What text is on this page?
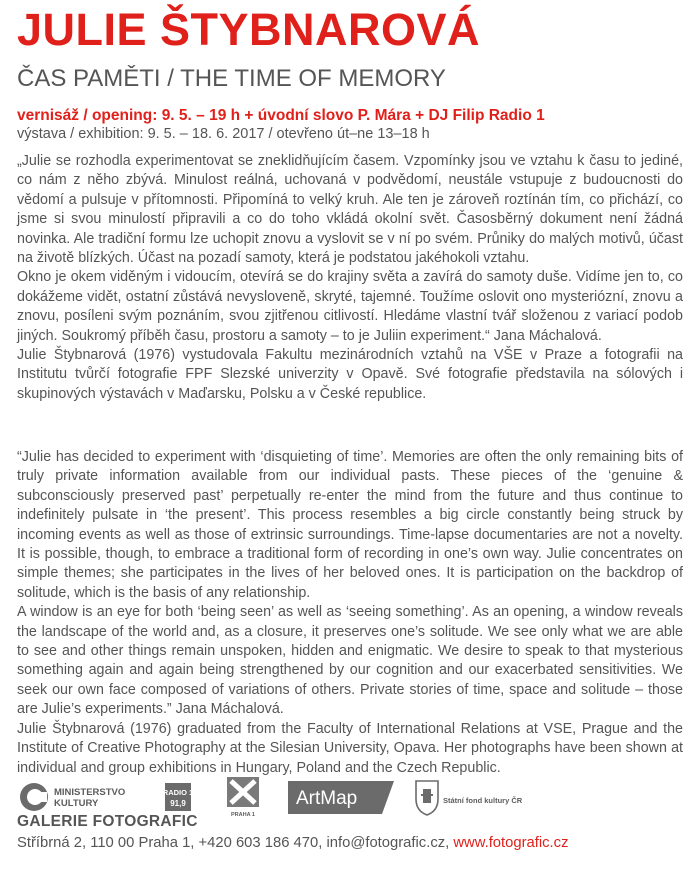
JULIE ŠTYBNAROVÁ
ČAS PAMĚTI / THE TIME OF MEMORY
vernisáž / opening: 9. 5. – 19 h + úvodní slovo P. Mára + DJ Filip Radio 1
výstava / exhibition: 9. 5. – 18. 6. 2017 / otevřeno út–ne 13–18 h

„Julie se rozhodla experimentovat se zneklidňujícím časem. Vzpomínky jsou ve vztahu k času to jediné, co nám z něho zbývá. Minulost reálná, uchovaná v podvědomí, neustále vstupuje z budoucnosti do vědomí a pulsuje v přítomnosti. Připomíná to velký kruh. Ale ten je zároveň roztínán tím, co přichází, co jsme si svou minulostí připravili a co do toho vkládá okolní svět. Časosběrný dokument není žádná novinka. Ale tradiční formu lze uchopit znovu a vyslovit se v ní po svém. Průniky do malých motivů, účast na životě blízkých. Účast na pozadí samoty, která je podstatou jakéhokoli vztahu.

Okno je okem viděným i vidoucím, otevírá se do krajiny světa a zavírá do samoty duše. Vidíme jen to, co dokážeme vidět, ostatní zůstává nevysloveně, skryté, tajemné. Toužíme oslovit ono mysteriózní, znovu a znovu, posíleni svým poznáním, svou zjitřenou citlivostí. Hledáme vlastní tvář složenou z variací podob jiných. Soukromý příběh času, prostoru a samoty – to je Juliin experiment.“ Jana Máchalová.

Julie Štybnarová (1976) vystudovala Fakultu mezinárodních vztahů na VŠE v Praze a fotografii na Institutu tvůrčí fotografie FPF Slezské univerzity v Opavě. Své fotografie představila na sólových i skupinových výstavách v Maďarsku, Polsku a v České republice.

“Julie has decided to experiment with ‘disquieting of time’. Memories are often the only remaining bits of truly private information available from our individual pasts. These pieces of the ‘genuine & subconsciously preserved past’ perpetually re-enter the mind from the future and thus continue to indefinitely pulsate in ‘the present’. This process resembles a big circle constantly being struck by incoming events as well as those of extrinsic surroundings. Time-lapse documentaries are not a novelty. It is possible, though, to embrace a traditional form of recording in one’s own way. Julie concentrates on simple themes; she participates in the lives of her beloved ones. It is participation on the backdrop of solitude, which is the basis of any relationship.

A window is an eye for both ‘being seen’ as well as ‘seeing something’. As an opening, a window reveals the landscape of the world and, as a closure, it preserves one’s solitude. We see only what we are able to see and other things remain unspoken, hidden and enigmatic. We desire to speak to that mysterious something again and again being strengthened by our cognition and our exacerbated sensitivities. We seek our own face composed of variations of others. Private stories of time, space and solitude – those are Julie’s experiments.” Jana Máchalová.

Julie Štybnarová (1976) graduated from the Faculty of International Relations at VSE, Prague and the Institute of Creative Photography at the Silesian University, Opava. Her photographs have been shown at individual and group exhibitions in Hungary, Poland and the Czech Republic.

MINISTERSTVO
KULTURY
RADIO 1
91,9
PRAHA 1
ArtMap	Státní fond kultury ČR
GALERIE FOTOGRAFIC
Stříbrná 2, 110 00 Praha 1, +420 603 186 470, info@fotografic.cz, www.fotografic.cz
